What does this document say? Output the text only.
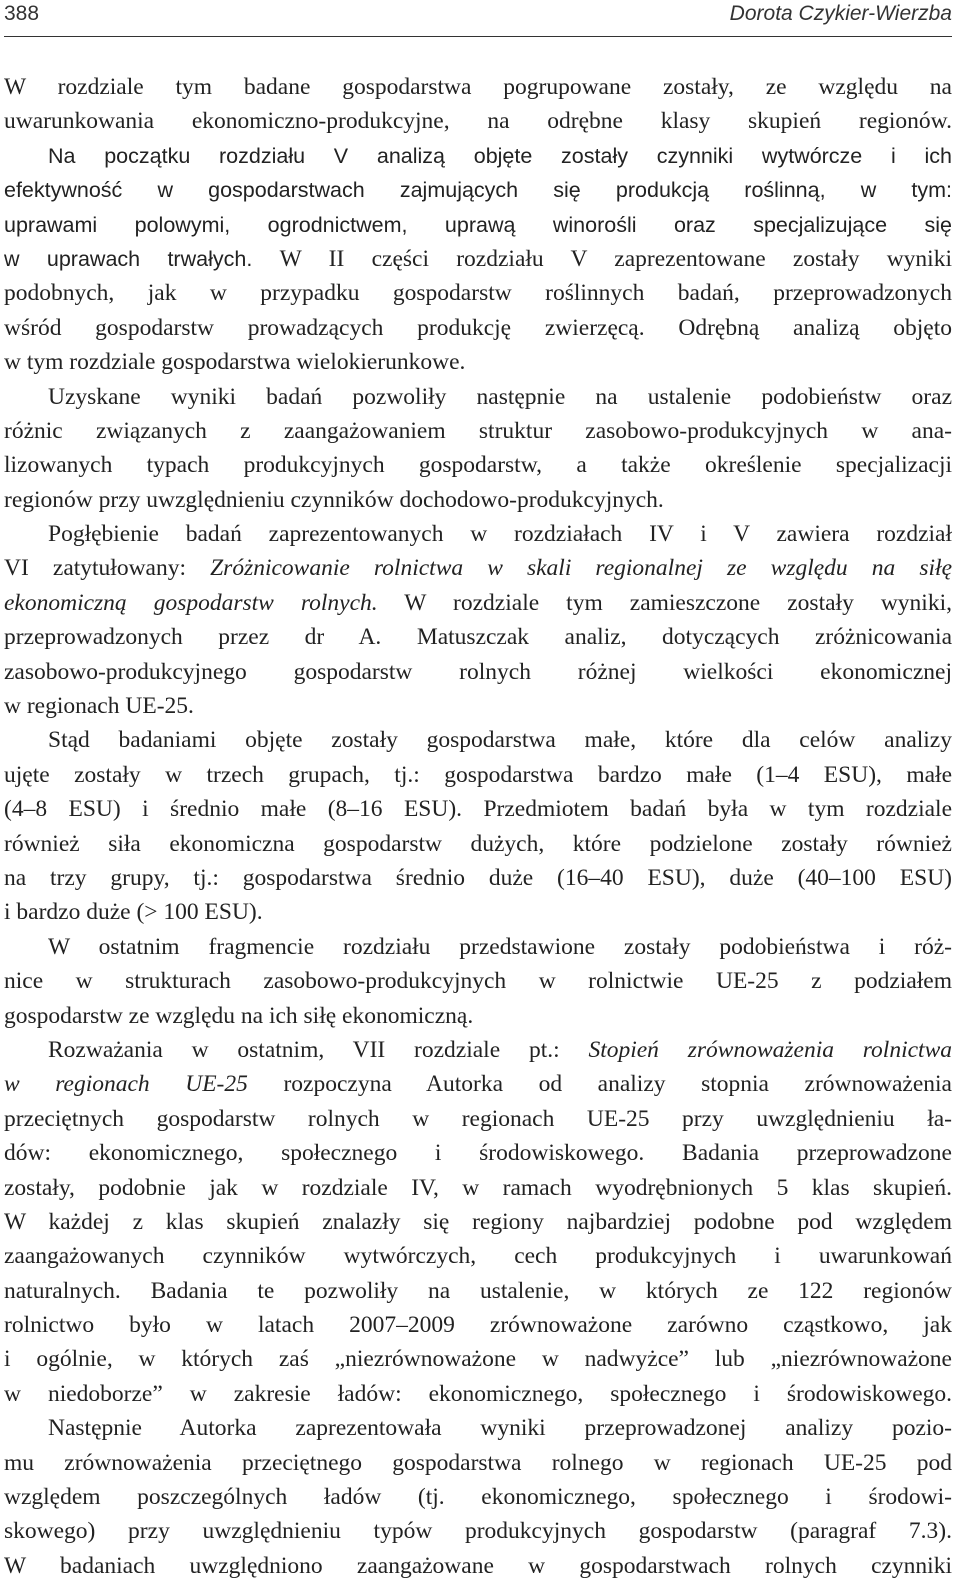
388	Dorota Czykier-Wierzba
W rozdziale tym badane gospodarstwa pogrupowane zostały, ze względu na
uwarunkowania ekonomiczno-produkcyjne, na odrębne klasy skupień regionów.
Na początku rozdziału V analizą objęte zostały czynniki wytwórcze i ich
efektywność w gospodarstwach zajmujących się produkcją roślinną, w tym:
uprawami polowymi, ogrodnictwem, uprawą winorośli oraz specjalizujące się
w uprawach trwałych. W II części rozdziału V zaprezentowane zostały wyniki
podobnych, jak w przypadku gospodarstw roślinnych badań, przeprowadzonych
wśród gospodarstw prowadzących produkcję zwierzęcą. Odrębną analizą objęto
w tym rozdziale gospodarstwa wielokierunkowe.
Uzyskane wyniki badań pozwoliły następnie na ustalenie podobieństw oraz
różnic związanych z zaangażowaniem struktur zasobowo-produkcyjnych w ana-
lizowanych typach produkcyjnych gospodarstw, a także określenie specjalizacji
regionów przy uwzględnieniu czynników dochodowo-produkcyjnych.
Pogłębienie badań zaprezentowanych w rozdziałach IV i V zawiera rozdział
VI zatytułowany: Zróżnicowanie rolnictwa w skali regionalnej ze względu na siłę
ekonomiczną gospodarstw rolnych. W rozdziale tym zamieszczone zostały wyniki,
przeprowadzonych przez dr A. Matuszczak analiz, dotyczących zróżnicowania
zasobowo-produkcyjnego gospodarstw rolnych różnej wielkości ekonomicznej
w regionach UE-25.
Stąd badaniami objęte zostały gospodarstwa małe, które dla celów analizy
ujęte zostały w trzech grupach, tj.: gospodarstwa bardzo małe (1–4 ESU), małe
(4–8 ESU) i średnio małe (8–16 ESU). Przedmiotem badań była w tym rozdziale
również siła ekonomiczna gospodarstw dużych, które podzielone zostały również
na trzy grupy, tj.: gospodarstwa średnio duże (16–40 ESU), duże (40–100 ESU)
i bardzo duże (> 100 ESU).
W ostatnim fragmencie rozdziału przedstawione zostały podobieństwa i róż-
nice w strukturach zasobowo-produkcyjnych w rolnictwie UE-25 z podziałem
gospodarstw ze względu na ich siłę ekonomiczną.
Rozważania w ostatnim, VII rozdziale pt.: Stopień zrównoważenia rolnictwa
w regionach UE-25 rozpoczyna Autorka od analizy stopnia zrównoważenia
przeciętnych gospodarstw rolnych w regionach UE-25 przy uwzględnieniu ła-
dów: ekonomicznego, społecznego i środowiskowego. Badania przeprowadzone
zostały, podobnie jak w rozdziale IV, w ramach wyodrębnionych 5 klas skupień.
W każdej z klas skupień znalazły się regiony najbardziej podobne pod względem
zaangażowanych czynników wytwórczych, cech produkcyjnych i uwarunkowań
naturalnych. Badania te pozwoliły na ustalenie, w których ze 122 regionów
rolnictwo było w latach 2007–2009 zrównoważone zarówno cząstkowo, jak
i ogólnie, w których zaś „niezrównoważone w nadwyżce” lub „niezrównoważone
w niedoborze” w zakresie ładów: ekonomicznego, społecznego i środowiskowego.
Następnie Autorka zaprezentowała wyniki przeprowadzonej analizy pozio-
mu zrównoważenia przeciętnego gospodarstwa rolnego w regionach UE-25 pod
względem poszczególnych ładów (tj. ekonomicznego, społecznego i środowi-
skowego) przy uwzględnieniu typów produkcyjnych gospodarstw (paragraf 7.3).
W badaniach uwzględniono zaangażowane w gospodarstwach rolnych czynniki
